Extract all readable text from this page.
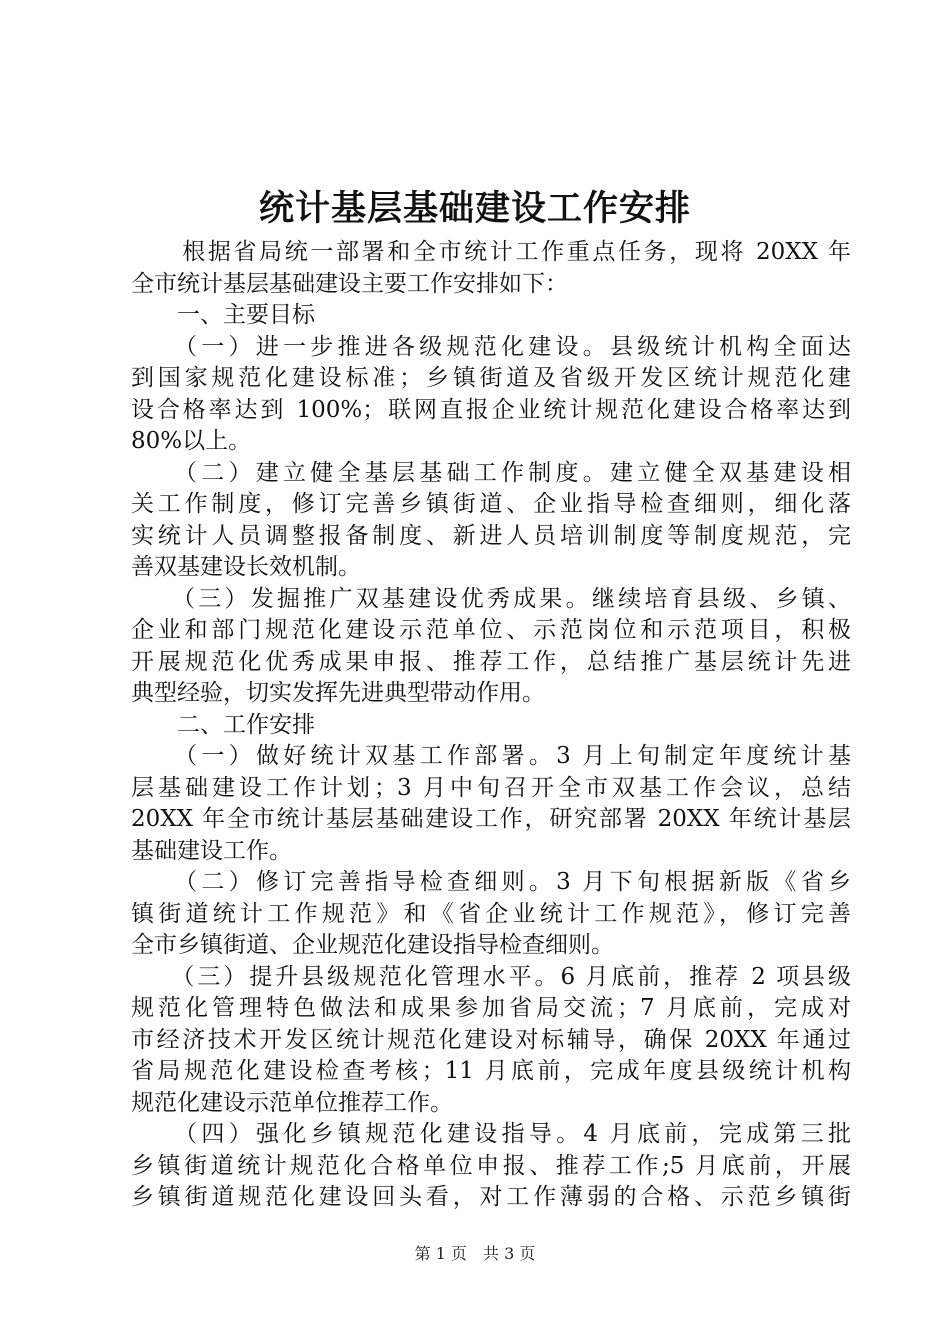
统计基层基础建设工作安排
　　根据省局统一部署和全市统计工作重点任务，现将 20XX 年
全市统计基层基础建设主要工作安排如下：
　　一、主要目标
　　（一）进一步推进各级规范化建设。县级统计机构全面达
到国家规范化建设标准；乡镇街道及省级开发区统计规范化建
设合格率达到 100%；联网直报企业统计规范化建设合格率达到
80%以上。
　　（二）建立健全基层基础工作制度。建立健全双基建设相
关工作制度，修订完善乡镇街道、企业指导检查细则，细化落
实统计人员调整报备制度、新进人员培训制度等制度规范，完
善双基建设长效机制。
　　（三）发掘推广双基建设优秀成果。继续培育县级、乡镇、
企业和部门规范化建设示范单位、示范岗位和示范项目，积极
开展规范化优秀成果申报、推荐工作，总结推广基层统计先进
典型经验，切实发挥先进典型带动作用。
　　二、工作安排
　　（一）做好统计双基工作部署。3 月上旬制定年度统计基
层基础建设工作计划；3 月中旬召开全市双基工作会议，总结
20XX 年全市统计基层基础建设工作，研究部署 20XX 年统计基层
基础建设工作。
　　（二）修订完善指导检查细则。3 月下旬根据新版《省乡
镇街道统计工作规范》和《省企业统计工作规范》，修订完善
全市乡镇街道、企业规范化建设指导检查细则。
　　（三）提升县级规范化管理水平。6 月底前，推荐 2 项县级
规范化管理特色做法和成果参加省局交流；7 月底前，完成对
市经济技术开发区统计规范化建设对标辅导，确保 20XX 年通过
省局规范化建设检查考核；11 月底前，完成年度县级统计机构
规范化建设示范单位推荐工作。
　　（四）强化乡镇规范化建设指导。4 月底前，完成第三批
乡镇街道统计规范化合格单位申报、推荐工作;5 月底前，开展
乡镇街道规范化建设回头看，对工作薄弱的合格、示范乡镇街
第 1 页　共 3 页
